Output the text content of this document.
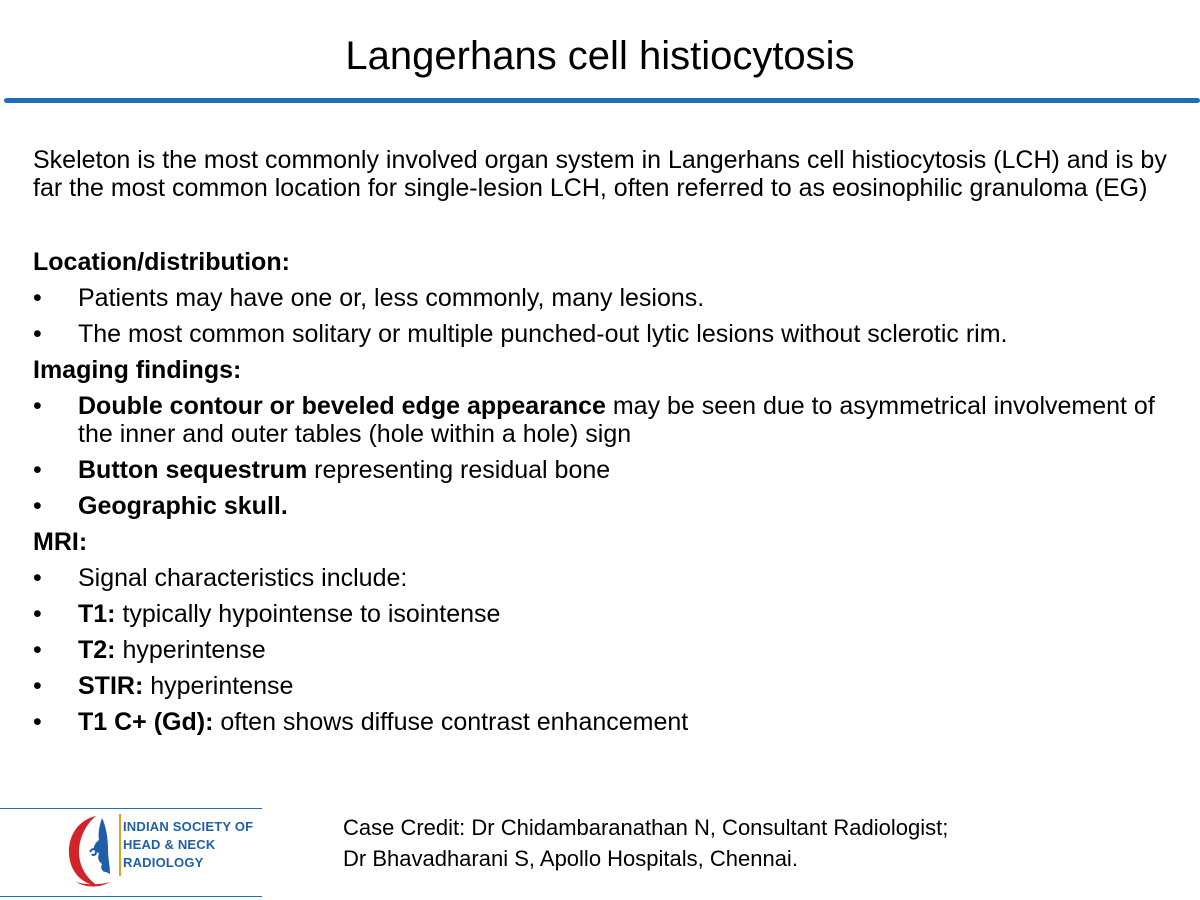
Langerhans cell histiocytosis

Skeleton is the most commonly involved organ system in Langerhans cell histiocytosis (LCH) and is by far the most common location for single-lesion LCH, often referred to as eosinophilic granuloma (EG)

Location/distribution:
•	Patients may have one or, less commonly, many lesions.
•	The most common solitary or multiple punched-out lytic lesions without sclerotic rim.
Imaging findings:
•	Double contour or beveled edge appearance may be seen due to asymmetrical involvement of the inner and outer tables (hole within a hole) sign
•	Button sequestrum representing residual bone
•	Geographic skull.
MRI:
•	Signal characteristics include:
•	T1: typically hypointense to isointense
•	T2: hyperintense
•	STIR: hyperintense
•	T1 C+ (Gd): often shows diffuse contrast enhancement
INDIAN SOCIETY OF
HEAD & NECK
RADIOLOGY
Case Credit: Dr Chidambaranathan N, Consultant Radiologist;
Dr Bhavadharani S, Apollo Hospitals, Chennai.
